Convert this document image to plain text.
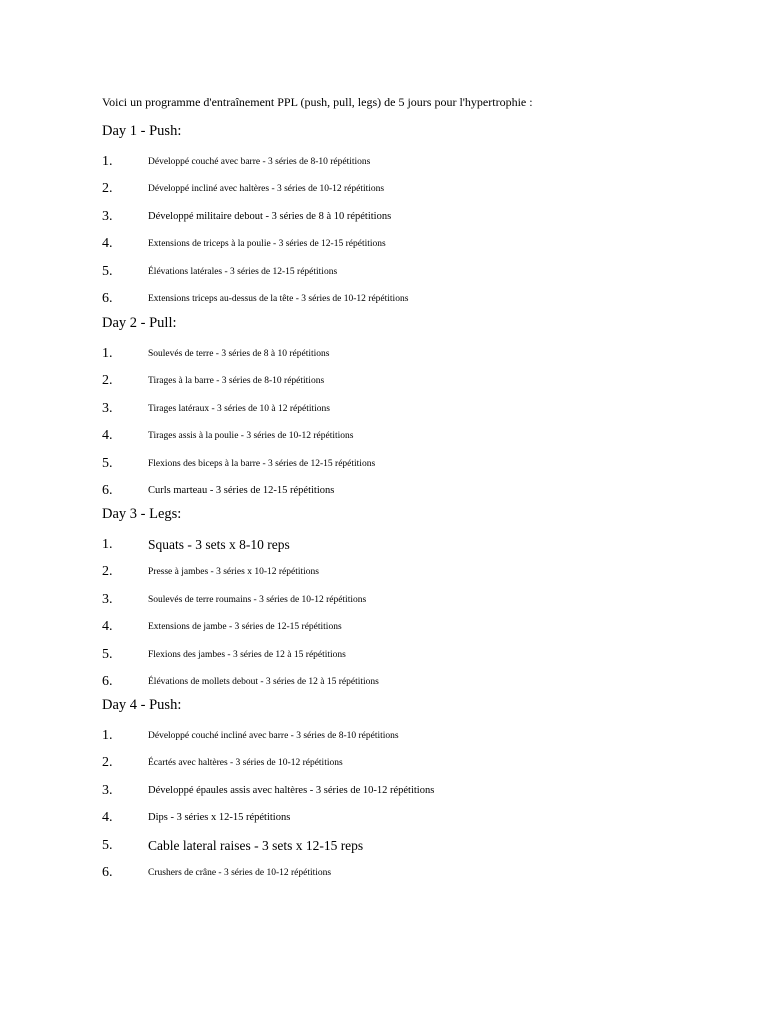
Voici un programme d'entraînement PPL (push, pull, legs) de 5 jours pour l'hypertrophie :
Day 1 - Push:
1.	Développé couché avec barre - 3 séries de 8-10 répétitions
2.	Développé incliné avec haltères - 3 séries de 10-12 répétitions
3.	Développé militaire debout - 3 séries de 8 à 10 répétitions
4.	Extensions de triceps à la poulie - 3 séries de 12-15 répétitions
5.	Élévations latérales - 3 séries de 12-15 répétitions
6.	Extensions triceps au-dessus de la tête - 3 séries de 10-12 répétitions
Day 2 - Pull:
1.	Soulevés de terre - 3 séries de 8 à 10 répétitions
2.	Tirages à la barre - 3 séries de 8-10 répétitions
3.	Tirages latéraux - 3 séries de 10 à 12 répétitions
4.	Tirages assis à la poulie - 3 séries de 10-12 répétitions
5.	Flexions des biceps à la barre - 3 séries de 12-15 répétitions
6.	Curls marteau - 3 séries de 12-15 répétitions
Day 3 - Legs:
1.	Squats - 3 sets x 8-10 reps
2.	Presse à jambes - 3 séries x 10-12 répétitions
3.	Soulevés de terre roumains - 3 séries de 10-12 répétitions
4.	Extensions de jambe - 3 séries de 12-15 répétitions
5.	Flexions des jambes - 3 séries de 12 à 15 répétitions
6.	Élévations de mollets debout - 3 séries de 12 à 15 répétitions
Day 4 - Push:
1.	Développé couché incliné avec barre - 3 séries de 8-10 répétitions
2.	Écartés avec haltères - 3 séries de 10-12 répétitions
3.	Développé épaules assis avec haltères - 3 séries de 10-12 répétitions
4.	Dips - 3 séries x 12-15 répétitions
5.	Cable lateral raises - 3 sets x 12-15 reps
6.	Crushers de crâne - 3 séries de 10-12 répétitions
